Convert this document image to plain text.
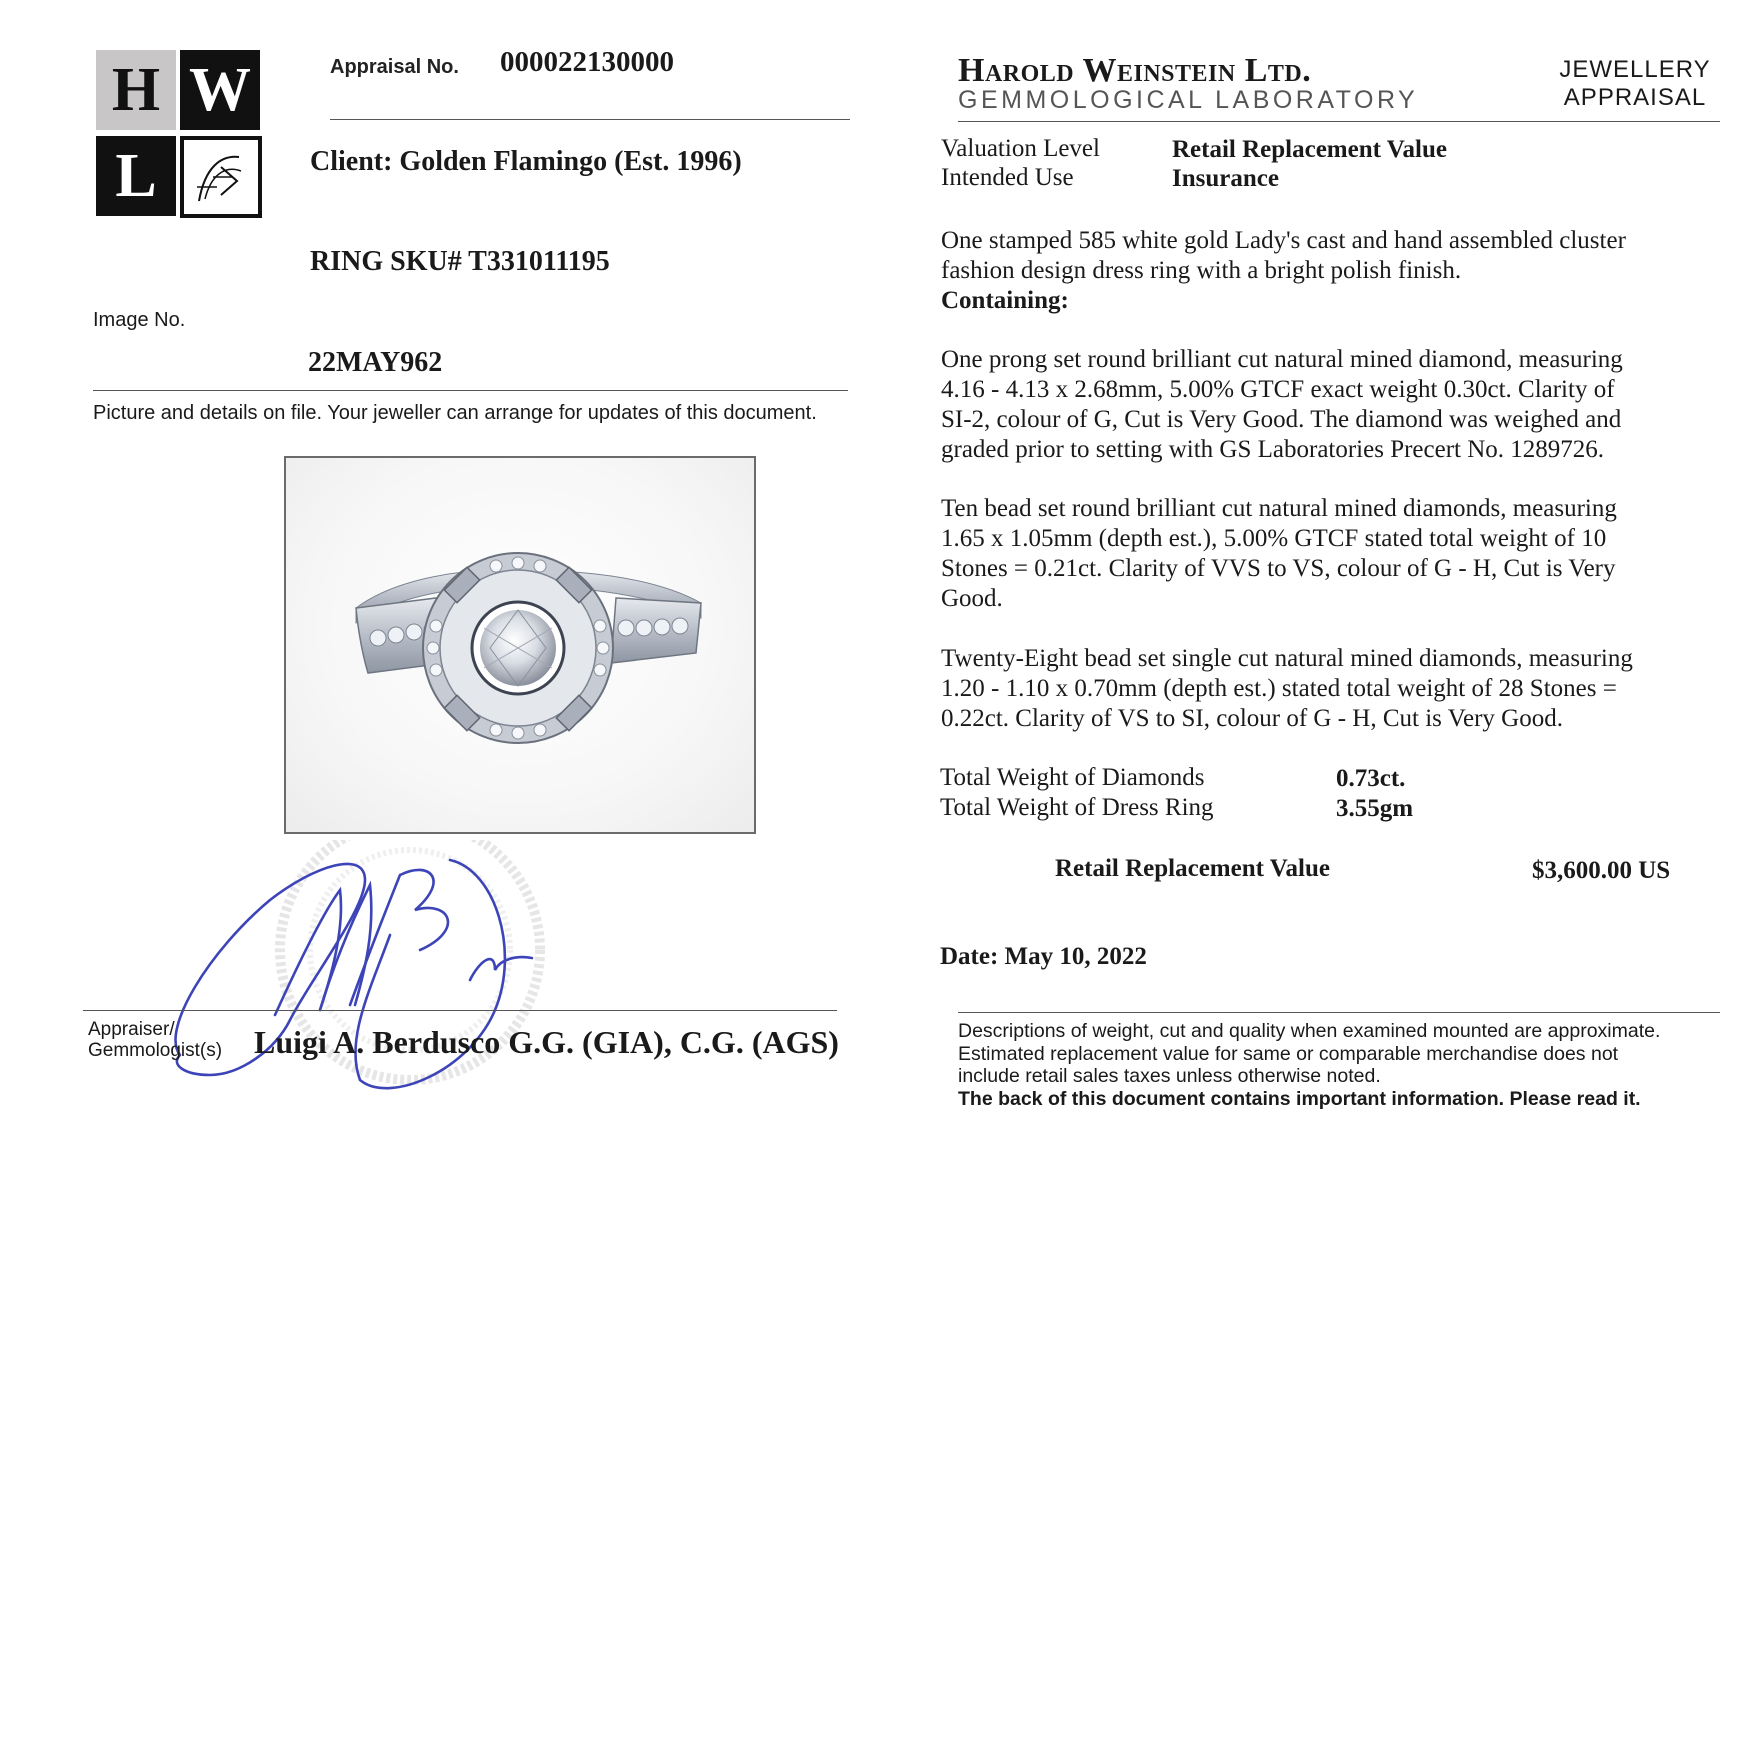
H W
L
Appraisal No. 000022130000
Client: Golden Flamingo (Est. 1996)
RING SKU# T331011195
Image No.
22MAY962
Picture and details on file. Your jeweller can arrange for updates of this document.
Appraiser/
Gemmologist(s) Luigi A. Berdusco G.G. (GIA), C.G. (AGS)
Harold Weinstein Ltd.
GEMMOLOGICAL LABORATORY
JEWELLERY
APPRAISAL
Valuation Level	Retail Replacement Value
Intended Use	Insurance

One stamped 585 white gold Lady's cast and hand assembled cluster

fashion design dress ring with a bright polish finish.

Containing:

One prong set round brilliant cut natural mined diamond, measuring

4.16 - 4.13 x 2.68mm, 5.00% GTCF exact weight 0.30ct. Clarity of

SI-2, colour of G, Cut is Very Good. The diamond was weighed and

graded prior to setting with GS Laboratories Precert No. 1289726.

Ten bead set round brilliant cut natural mined diamonds, measuring

1.65 x 1.05mm (depth est.), 5.00% GTCF stated total weight of 10

Stones = 0.21ct. Clarity of VVS to VS, colour of G - H, Cut is Very

Good.

Twenty-Eight bead set single cut natural mined diamonds, measuring

1.20 - 1.10 x 0.70mm (depth est.) stated total weight of 28 Stones =

0.22ct. Clarity of VS to SI, colour of G - H, Cut is Very Good.

Total Weight of Diamonds	0.73ct.
Total Weight of Dress Ring	3.55gm
Retail Replacement Value	$3,600.00 US
Date: May 10, 2022

Descriptions of weight, cut and quality when examined mounted are approximate.

Estimated replacement value for same or comparable merchandise does not

include retail sales taxes unless otherwise noted.

The back of this document contains important information. Please read it.
